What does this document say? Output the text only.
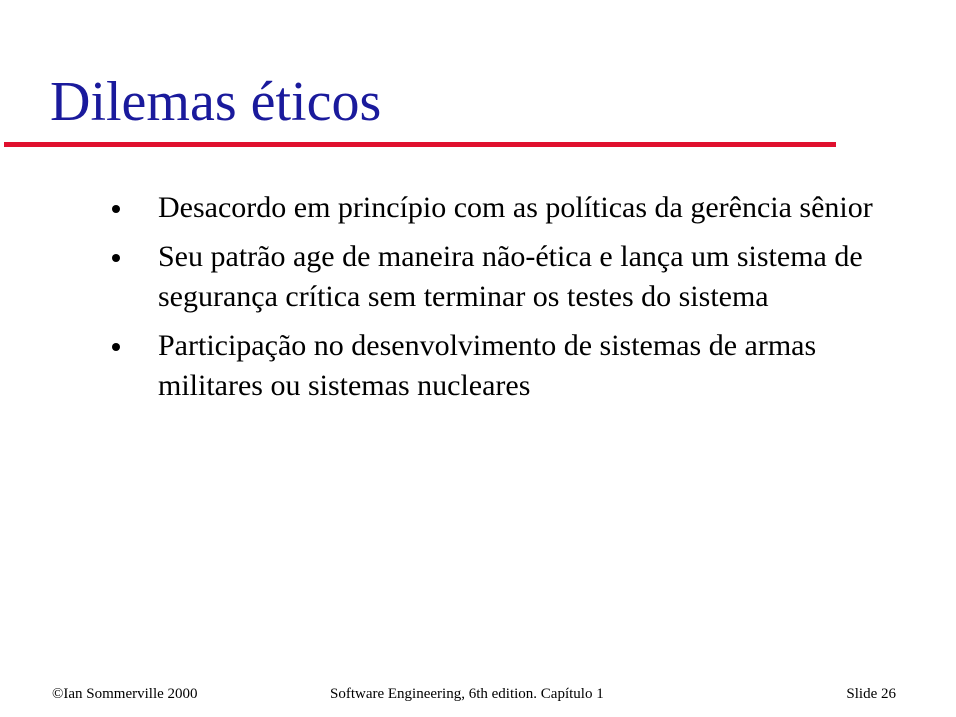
Dilemas éticos
Desacordo em princípio com as políticas da gerência sênior
Seu patrão age de maneira não-ética e lança um sistema de segurança crítica sem terminar os testes do sistema
Participação no desenvolvimento de sistemas de armas militares ou sistemas nucleares
©Ian Sommerville 2000	Software Engineering, 6th edition. Capítulo 1	Slide 26
